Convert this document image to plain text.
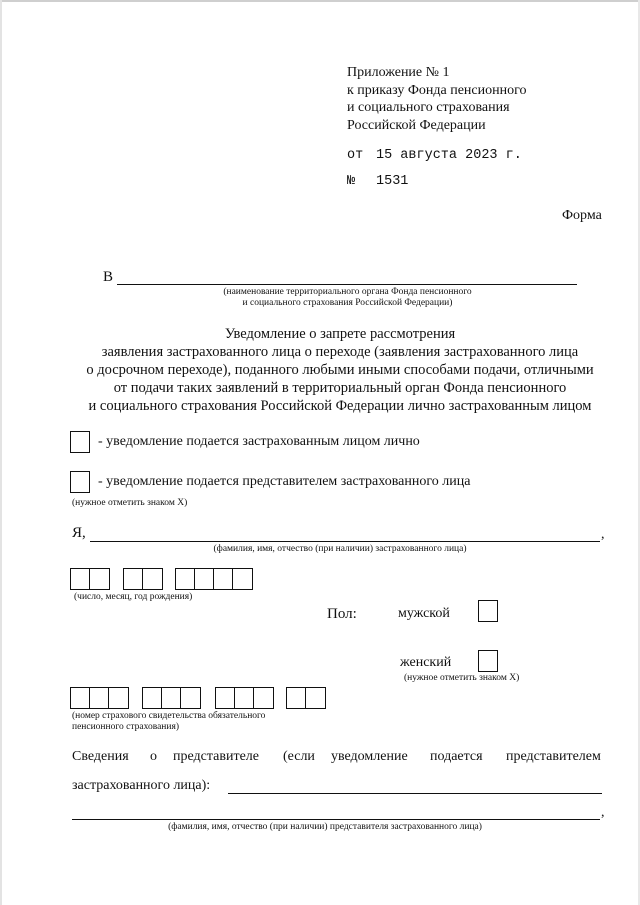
Приложение № 1
к приказу Фонда пенсионного
и социального страхования
Российской Федерации
от 15 августа 2023 г.
№ 1531
Форма
В
(наименование территориального органа Фонда пенсионного
и социального страхования Российской Федерации)
Уведомление о запрете рассмотрения
заявления застрахованного лица о переходе (заявления застрахованного лица
о досрочном переходе), поданного любыми иными способами подачи, отличными
от подачи таких заявлений в территориальный орган Фонда пенсионного
и социального страхования Российской Федерации лично застрахованным лицом
- уведомление подается застрахованным лицом лично
- уведомление подается представителем застрахованного лица
(нужное отметить знаком Х)
Я,	,
(фамилия, имя, отчество (при наличии) застрахованного лица)
(число, месяц, год рождения)
Пол:	мужской
женский
(нужное отметить знаком Х)
(номер страхового свидетельства обязательного
пенсионного страхования)
Сведения о представителе (если уведомление подается представителем
застрахованного лица):
,
(фамилия, имя, отчество (при наличии) представителя застрахованного лица)
